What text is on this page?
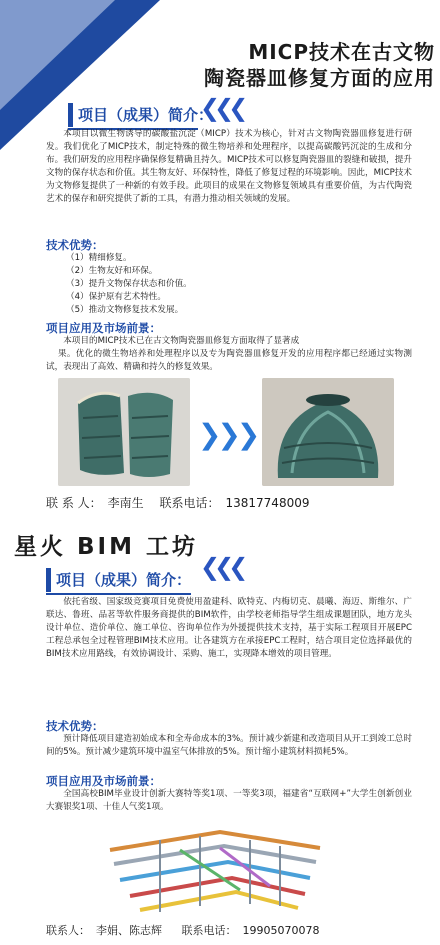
MICP技术在古文物
陶瓷器皿修复方面的应用
项目（成果）简介：
❮❮❮

本项目以微生物诱导的碳酸盐沉淀（MICP）技术为核心，针对古文物陶瓷器皿修复进行研发。我们优化了MICP技术，制定特殊的微生物培养和处理程序，以提高碳酸钙沉淀的生成和分布。我们研发的应用程序确保修复精确且持久。MICP技术可以修复陶瓷器皿的裂缝和破损，提升文物的保存状态和价值。其生物友好、环保特性，降低了修复过程的环境影响。因此，MICP技术为文物修复提供了一种新的有效手段。此项目的成果在文物修复领域具有重要价值，为古代陶瓷艺术的保存和研究提供了新的工具，有潜力推动相关领域的发展。

技术优势：
（1）精细修复。
（2）生物友好和环保。
（3）提升文物保存状态和价值。
（4）保护原有艺术特性。
（5）推动文物修复技术发展。
项目应用及市场前景：

本项目的MICP技术已在古文物陶瓷器皿修复方面取得了显著成

果。优化的微生物培养和处理程序以及专为陶瓷器皿修复开发的应用程序都已经通过实物测试，表现出了高效、精确和持久的修复效果。

❯❯❯
联 系 人： 李南生 联系电话： 13817748009
星火 BIM 工坊
项目（成果）简介： ❮❮❮

依托省级、国家级竞赛项目免费使用盈建科、欧特克、内梅切克、晨曦、海迈、斯维尔、广联达、鲁班、品茗等软件服务商提供的BIM软件，由学校老师指导学生组成课题团队，地方龙头设计单位、造价单位、施工单位、咨询单位作为外援提供技术支持，基于实际工程项目开展EPC工程总承包全过程管理BIM技术应用。让各建筑方在承接EPC工程时，结合项目定位选择最优的BIM技术应用路线，有效协调设计、采购、施工，实现降本增效的项目管理。

技术优势：

预计降低项目建造初始成本和全寿命成本的3%。预计减少新建和改造项目从开工到竣工总时间的5%。预计减少建筑环境中温室气体排放的5%。预计缩小建筑材料损耗5%。

项目应用及市场前景：

全国高校BIM毕业设计创新大赛特等奖1项、一等奖3项，福建省“互联网+”大学生创新创业大赛银奖1项、十佳人气奖1项。

联系人： 李娟、陈志辉 联系电话： 19905070078
